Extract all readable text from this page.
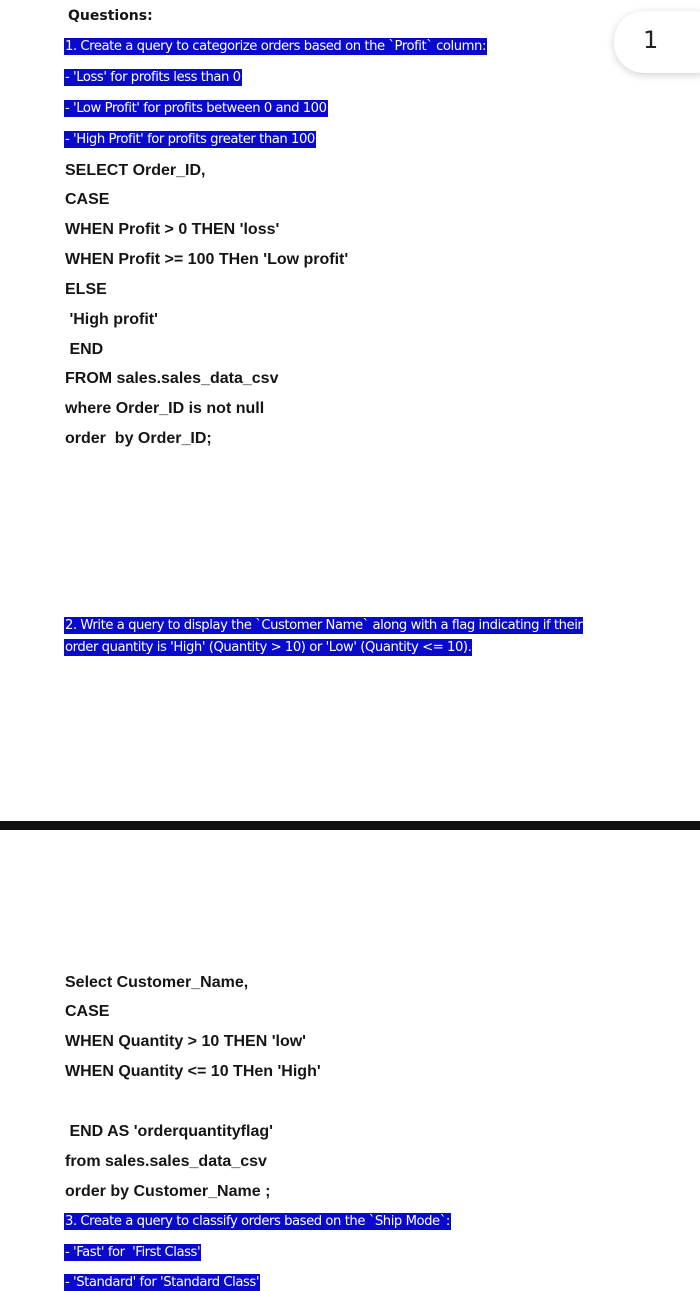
Questions:
1. Create a query to categorize orders based on the `Profit` column:
- 'Loss' for profits less than 0
- 'Low Profit' for profits between 0 and 100
- 'High Profit' for profits greater than 100
SELECT Order_ID,
CASE
WHEN Profit > 0 THEN 'loss'
WHEN Profit >= 100 THen 'Low profit'
ELSE
'High profit'
END
FROM sales.sales_data_csv
where Order_ID is not null
order  by Order_ID;
2. Write a query to display the `Customer Name` along with a flag indicating if their
order quantity is 'High' (Quantity > 10) or 'Low' (Quantity <= 10).
1
Select Customer_Name,
CASE
WHEN Quantity > 10 THEN 'low'
WHEN Quantity <= 10 THen 'High'
END AS 'orderquantityflag'
from sales.sales_data_csv
order by Customer_Name ;
3. Create a query to classify orders based on the `Ship Mode`:
- 'Fast' for  'First Class'
- 'Standard' for 'Standard Class'
